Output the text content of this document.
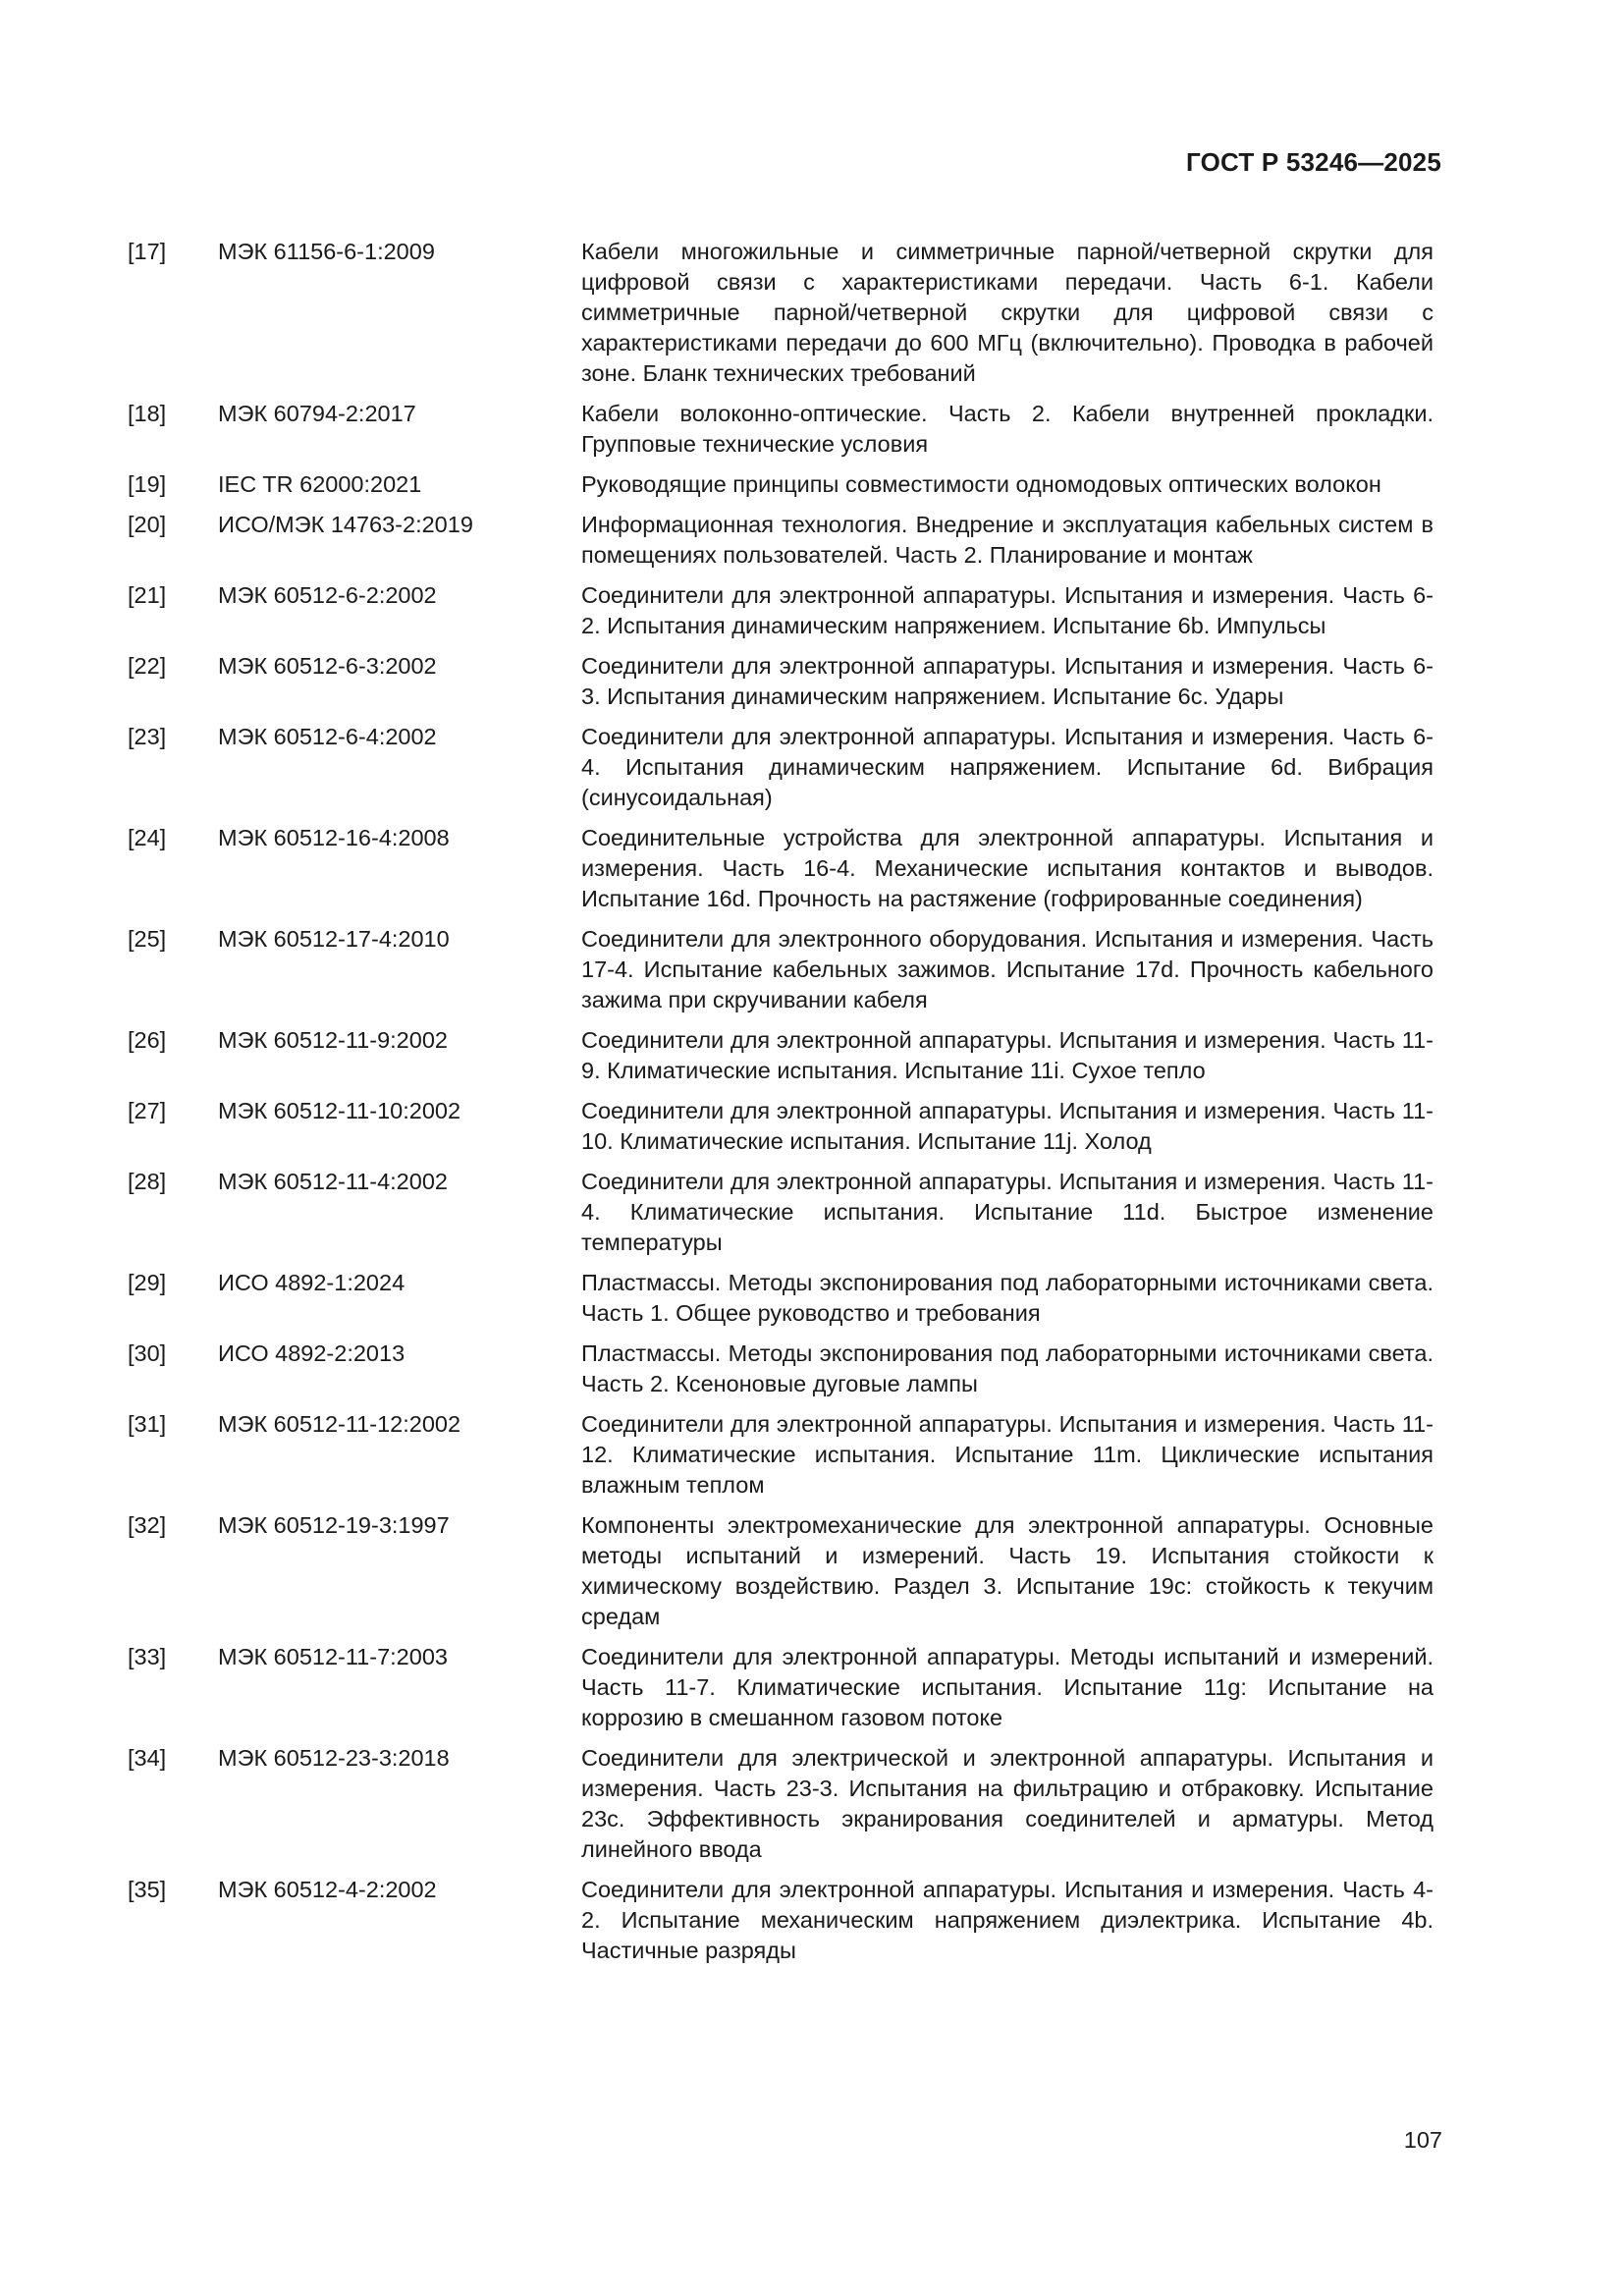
ГОСТ Р 53246—2025
[17]	МЭК 61156-6-1:2009	Кабели многожильные и симметричные парной/четверной скрутки для цифровой связи с характеристиками передачи. Часть 6-1. Кабели симметричные парной/четверной скрутки для цифровой связи с характеристиками передачи до 600 МГц (включительно). Проводка в рабочей зоне. Бланк технических требований
[18]	МЭК 60794-2:2017	Кабели волоконно-оптические. Часть 2. Кабели внутренней прокладки. Групповые технические условия
[19]	IEC TR 62000:2021	Руководящие принципы совместимости одномодовых оптических волокон
[20]	ИСО/МЭК 14763-2:2019	Информационная технология. Внедрение и эксплуатация кабельных систем в помещениях пользователей. Часть 2. Планирование и монтаж
[21]	МЭК 60512-6-2:2002	Соединители для электронной аппаратуры. Испытания и измерения. Часть 6-2. Испытания динамическим напряжением. Испытание 6b. Импульсы
[22]	МЭК 60512-6-3:2002	Соединители для электронной аппаратуры. Испытания и измерения. Часть 6-3. Испытания динамическим напряжением. Испытание 6c. Удары
[23]	МЭК 60512-6-4:2002	Соединители для электронной аппаратуры. Испытания и измерения. Часть 6-4. Испытания динамическим напряжением. Испытание 6d. Вибрация (синусоидальная)
[24]	МЭК 60512-16-4:2008	Соединительные устройства для электронной аппаратуры. Испытания и измерения. Часть 16-4. Механические испытания контактов и выводов. Испытание 16d. Прочность на растяжение (гофрированные соединения)
[25]	МЭК 60512-17-4:2010	Соединители для электронного оборудования. Испытания и измерения. Часть 17-4. Испытание кабельных зажимов. Испытание 17d. Прочность кабельного зажима при скручивании кабеля
[26]	МЭК 60512-11-9:2002	Соединители для электронной аппаратуры. Испытания и измерения. Часть 11-9. Климатические испытания. Испытание 11i. Сухое тепло
[27]	МЭК 60512-11-10:2002	Соединители для электронной аппаратуры. Испытания и измерения. Часть 11-10. Климатические испытания. Испытание 11j. Холод
[28]	МЭК 60512-11-4:2002	Соединители для электронной аппаратуры. Испытания и измерения. Часть 11-4. Климатические испытания. Испытание 11d. Быстрое изменение температуры
[29]	ИСО 4892-1:2024	Пластмассы. Методы экспонирования под лабораторными источниками света. Часть 1. Общее руководство и требования
[30]	ИСО 4892-2:2013	Пластмассы. Методы экспонирования под лабораторными источниками света. Часть 2. Ксеноновые дуговые лампы
[31]	МЭК 60512-11-12:2002	Соединители для электронной аппаратуры. Испытания и измерения. Часть 11-12. Климатические испытания. Испытание 11m. Циклические испытания влажным теплом
[32]	МЭК 60512-19-3:1997	Компоненты электромеханические для электронной аппаратуры. Основные методы испытаний и измерений. Часть 19. Испытания стойкости к химическому воздействию. Раздел 3. Испытание 19c: стойкость к текучим средам
[33]	МЭК 60512-11-7:2003	Соединители для электронной аппаратуры. Методы испытаний и измерений. Часть 11-7. Климатические испытания. Испытание 11g: Испытание на коррозию в смешанном газовом потоке
[34]	МЭК 60512-23-3:2018	Соединители для электрической и электронной аппаратуры. Испытания и измерения. Часть 23-3. Испытания на фильтрацию и отбраковку. Испытание 23c. Эффективность экранирования соединителей и арматуры. Метод линейного ввода
[35]	МЭК 60512-4-2:2002	Соединители для электронной аппаратуры. Испытания и измерения. Часть 4-2. Испытание механическим напряжением диэлектрика. Испытание 4b. Частичные разряды
107
